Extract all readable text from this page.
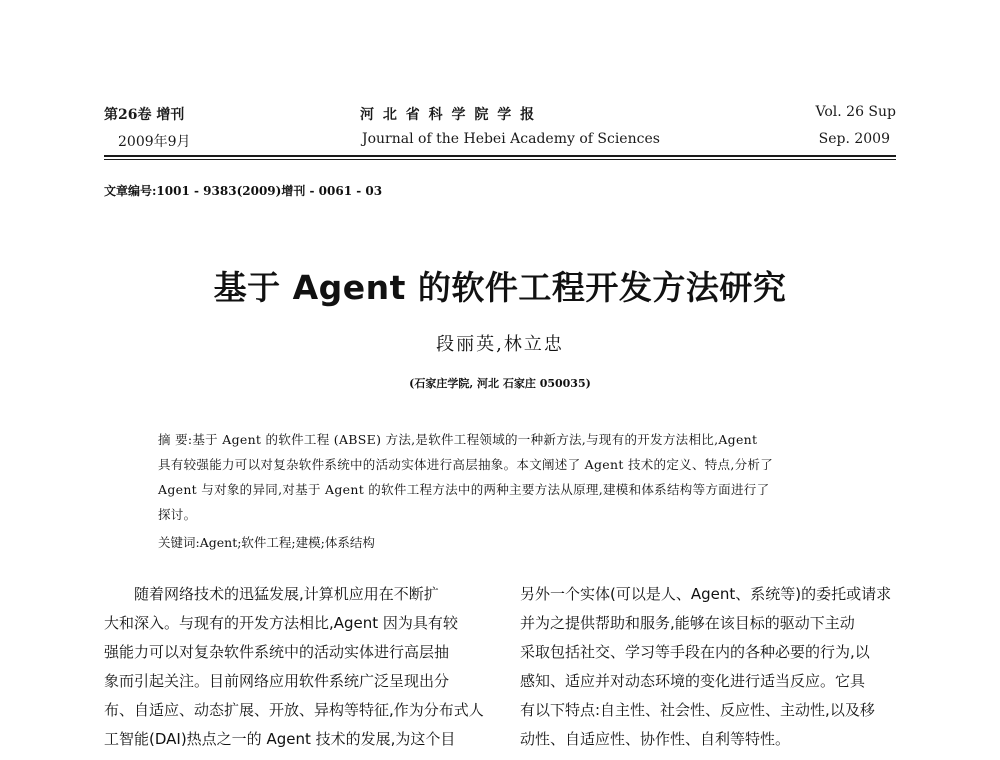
第26卷 增刊
2009年9月
河 北 省 科 学 院 学 报
Journal of the Hebei Academy of Sciences
Vol. 26 Sup
Sep. 2009
文章编号:1001 - 9383(2009)增刊 - 0061 - 03
基于 Agent 的软件工程开发方法研究
段丽英,林立忠
(石家庄学院, 河北 石家庄 050035)
摘 要:基于 Agent 的软件工程 (ABSE) 方法,是软件工程领域的一种新方法,与现有的开发方法相比,Agent
具有较强能力可以对复杂软件系统中的活动实体进行高层抽象。本文阐述了 Agent 技术的定义、特点,分析了
Agent 与对象的异同,对基于 Agent 的软件工程方法中的两种主要方法从原理,建模和体系结构等方面进行了
探讨。
关键词:Agent;软件工程;建模;体系结构
随着网络技术的迅猛发展,计算机应用在不断扩
大和深入。与现有的开发方法相比,Agent 因为具有较
强能力可以对复杂软件系统中的活动实体进行高层抽
象而引起关注。目前网络应用软件系统广泛呈现出分
布、自适应、动态扩展、开放、异构等特征,作为分布式人
工智能(DAI)热点之一的 Agent 技术的发展,为这个目
另外一个实体(可以是人、Agent、系统等)的委托或请求
并为之提供帮助和服务,能够在该目标的驱动下主动
采取包括社交、学习等手段在内的各种必要的行为,以
感知、适应并对动态环境的变化进行适当反应。它具
有以下特点:自主性、社会性、反应性、主动性,以及移
动性、自适应性、协作性、自利等特性。
